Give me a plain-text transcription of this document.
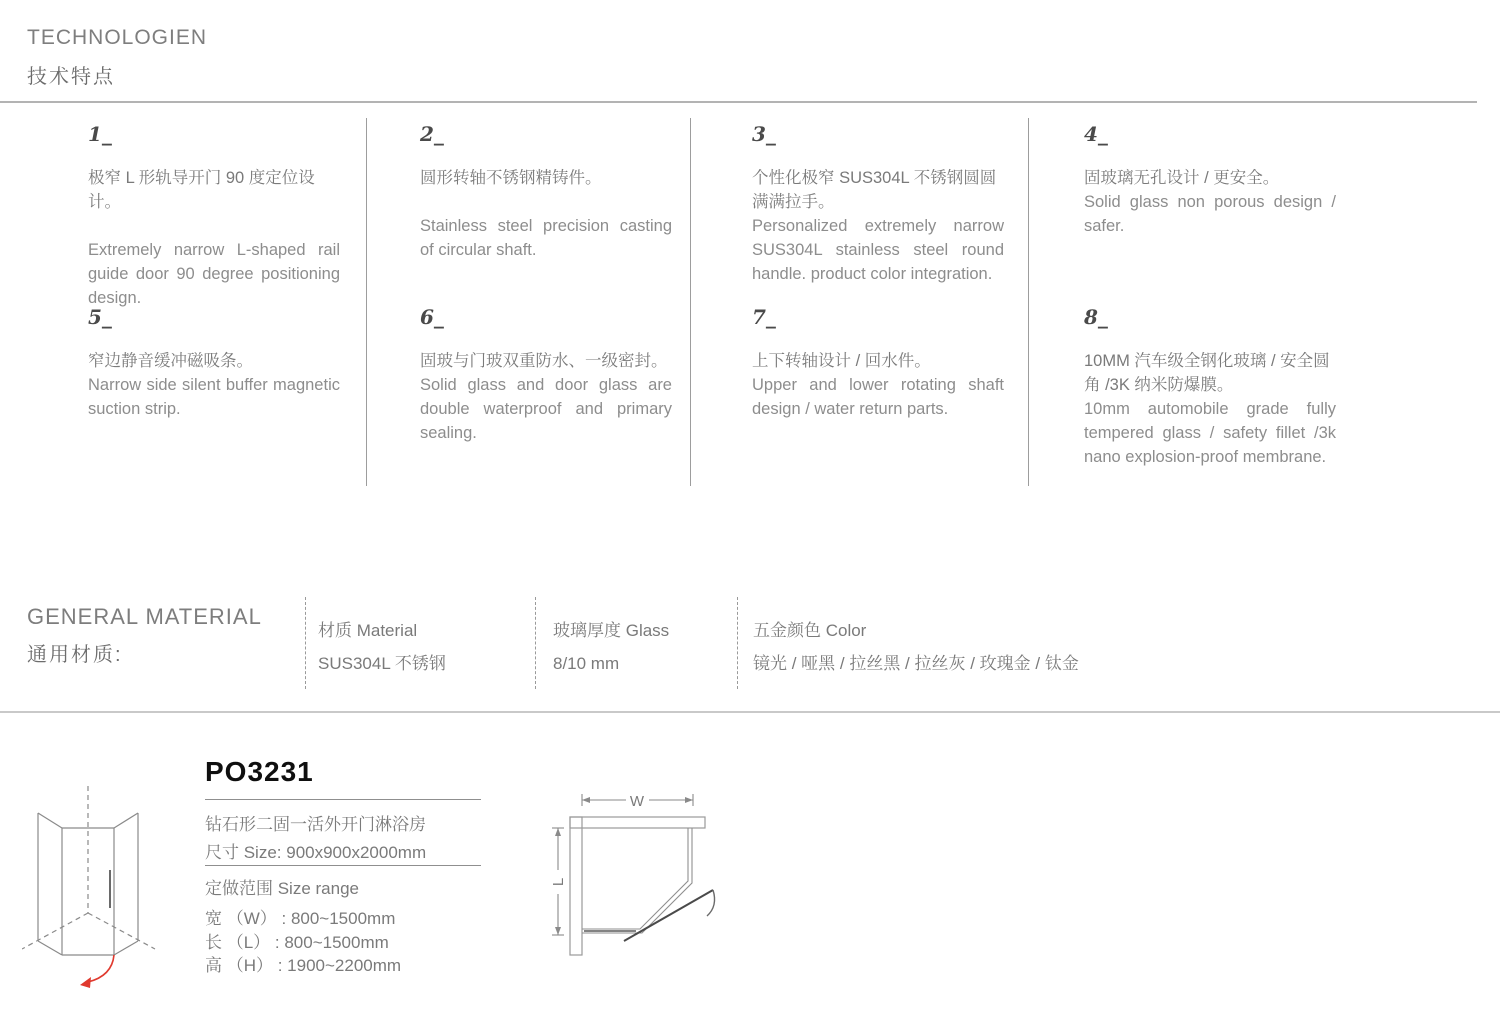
TECHNOLOGIEN
技术特点
1_

极窄 L 形轨导开门 90 度定位设计。

Extremely narrow L-shaped rail guide door 90 degree positioning design.

2_

圆形转轴不锈钢精铸件。

Stainless steel precision casting of circular shaft.

3_

个性化极窄 SUS304L 不锈钢圆圆满满拉手。

Personalized extremely narrow SUS304L stainless steel round handle. product color integration.

4_

固玻璃无孔设计 / 更安全。

Solid glass non porous design / safer.

5_

窄边静音缓冲磁吸条。

Narrow side silent buffer magnetic suction strip.

6_

固玻与门玻双重防水、一级密封。

Solid glass and door glass are double waterproof and primary sealing.

7_

上下转轴设计 / 回水件。

Upper and lower rotating shaft design / water return parts.

8_

10MM 汽车级全钢化玻璃 / 安全圆角 /3K 纳米防爆膜。

10mm automobile grade fully tempered glass / safety fillet /3k nano explosion-proof membrane.

GENERAL MATERIAL
通用材质:
材质 Material
SUS304L 不锈钢
玻璃厚度 Glass
8/10 mm
五金颜色 Color
镜光 / 哑黑 / 拉丝黑 / 拉丝灰 / 玫瑰金 / 钛金
PO3231
钻石形二固一活外开门淋浴房
尺寸 Size: 900x900x2000mm
定做范围 Size range
宽 （W） : 800~1500mm
长 （L） : 800~1500mm
高 （H） : 1900~2200mm
W
L
